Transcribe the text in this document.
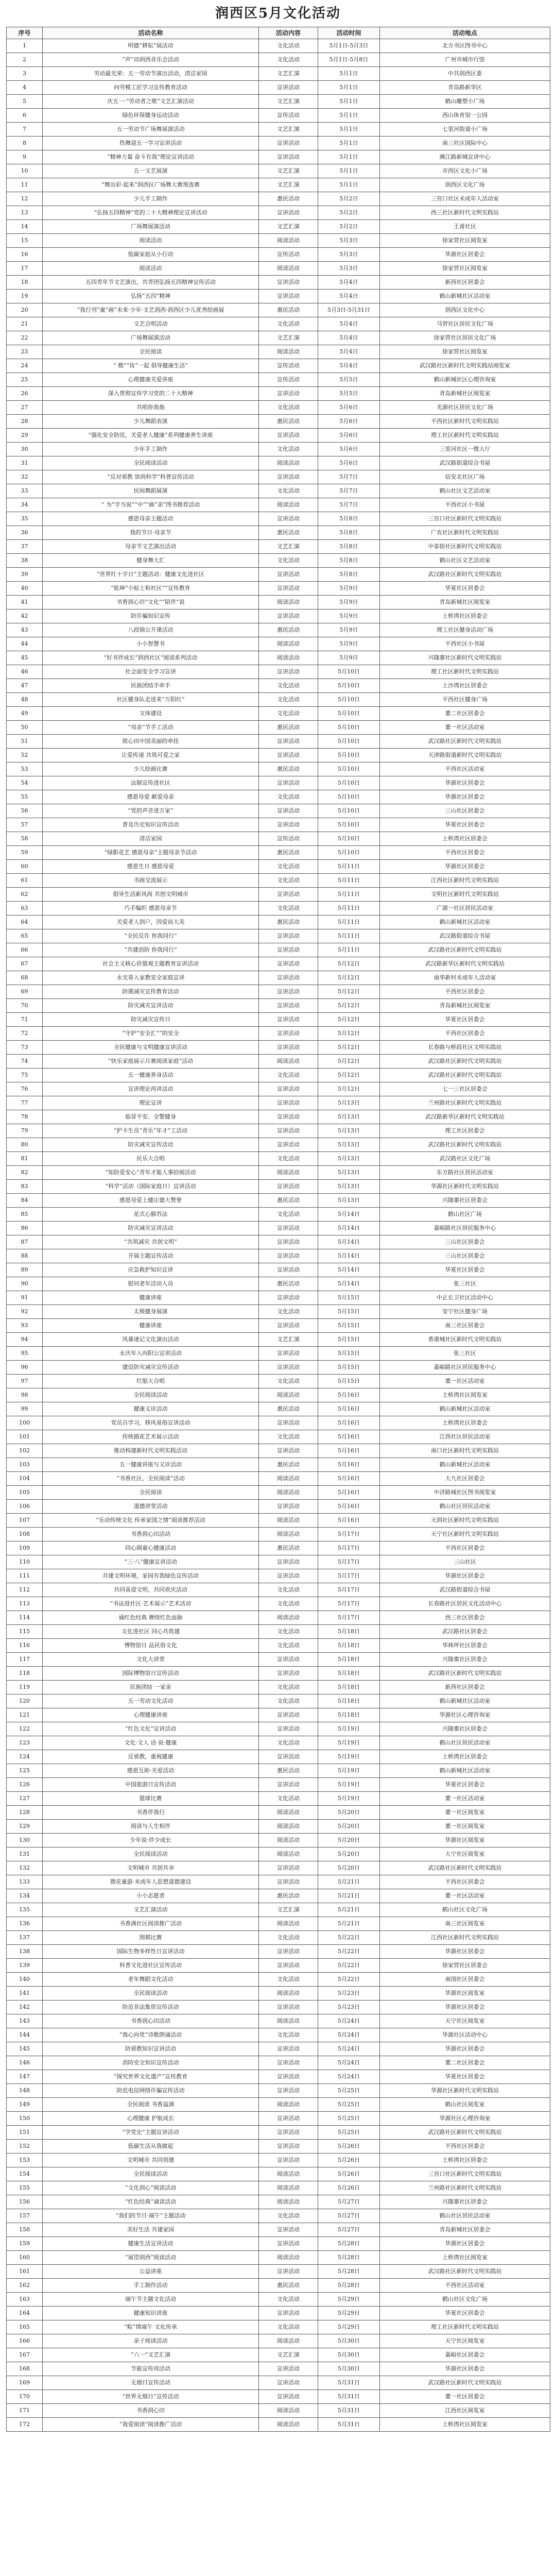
润西区5月文化活动
序号	活动名称	活动内容	活动时间	活动地点
1	明德“耕耘”展活动	文化活动	5月1日-5月3日	北方书区图书中心
2	“声”动润西音乐会活动	文化活动	5月1日-5月8日	广州市城市行馆
3	劳动最光荣：五一劳动节演出活动，清洁家园	文艺汇演	5月1日	中共润西区委
4	向劳模工匠学习宣传教育活动	宣讲活动	5月1日	青岛路新华区
5	庆五一·“劳动者之歌”文艺汇演活动	文艺汇演	5月1日	鹤山雕塑小广场
6	绿色环保健身运动活动	宣传活动	5月1日	西山体育馆一公园
7	五一劳动节广场舞展演活动	文艺汇演	5月1日	七里河街道小广场
8	热舞迎五一学习宣讲活动	宣讲活动	5月1日	南三社区国际中心
9	“精神力量 奋斗有我”理论宣讲活动	宣讲活动	5月1日	濒江路新城宣讲中心
10	五一文艺展演	文艺汇演	5月1日	市西区文化小广场
11	“舞出彩·起来”润西区广场舞大赛预选赛	文艺汇演	5月1日	润西区文化广场
12	少儿手工制作	惠民活动	5月2日	三宫口社区未成年人活动室
13	“弘扬五四精神”党的二十大精神理论宣讲活动	宣讲活动	5月2日	西三社区新时代文明实践站
14	广场舞展演活动	文艺汇演	5月2日	王甫社区
15	阅读活动	阅读活动	5月3日	徐家营社区阅览室
16	低碳家庭从小行动	宣传活动	5月3日	华源社区居委会
17	阅读活动	阅读活动	5月3日	徐家营社区阅览室
18	五四青年节文艺演出，共青团弘扬五四精神宣传活动	宣讲活动	5月4日	新西社区居委会
19	弘扬“五四”精神	宣讲活动	5月4日	鹤山新城社区活动室
20	“我行刊”童“画”未来·少年·文艺润西·润西区少儿优秀绘画展	惠民活动	5月3日-5月31日	润西区文化中心
21	文艺合唱活动	文化活动	5月4日	马营社区居民文化广场
22	广场舞展演活动	文艺汇演	5月4日	徐家营社区居民文化广场
23	全民阅读	阅读活动	5月4日	徐家营社区阅览室
24	“ 楷”“妆”一起 倡导健康生活“	宣传活动	5月4日	武汉路社区新时代文明实践站阅览室
25	心理健康关爱讲座	宣传活动	5月5日	鹤山新城社区心理咨询室
26	深入贯彻宣传学习党的二十大精神	宣讲活动	5月5日	青岛新城社区阅览室
27	共唱你我他	文化活动	5月6日	光源社区居民文化广场
28	少儿舞蹈表演	惠民活动	5月6日	平西社区新时代文明实践站
29	“强化安全防范，关爱老人健康”系列健康养生讲座	宣讲活动	5月6日	理工社区新时代文明实践站
30	少年手工制作	文化活动	5月6日	三里河社区一微大厅
31	全民阅读活动	阅读活动	5月6日	武汉路街道综合书屋
32	“反对邪教 崇尚科学”科普宣传活动	宣讲活动	5月7日	信安北社区广场
33	民间舞蹈展演	文化活动	5月7日	鹤山社区文艺活动室
34	“ 为“字当说”“中”“画”亲”图书推荐活动	阅读活动	5月7日	平西社区小书屋
35	感恩母亲主题活动	宣讲活动	5月8日	三宫口社区新时代文明实践站
36	我的节日·母亲节	惠民活动	5月8日	广农社区新时代文明实践站
37	母亲节文艺演出活动	文艺汇演	5月8日	中泰街社区新时代文明实践站
38	健身舞大汇	文化活动	5月8日	鹤山社区文艺活动室
39	“世界红十字日”主题活动：健康文化进社区	宣讲活动	5月8日	武汉路社区新时代文明实践站
40	“乾坤”小贴士和社区“”宣传教育	宣讲活动	5月9日	华夏社区居委会
41	书香润心田“文化”“陪伴”说	阅读活动	5月9日	青岛新城社区阅览室
42	防诈骗知识宣传	宣讲活动	5月9日	上桥湾社区居委会
43	八段锦公开课活动	惠民活动	5月9日	理工社区健身活动广场
44	小小智慧书	阅读活动	5月9日	平西社区小书屋
45	“好书伴成长”润西社区“阅读系列活动	阅读活动	5月9日	兴隆寨社区新时代文明实践站
46	社会面安全学习宣讲	宣讲活动	5月10日	理工社区新时代文明实践站
47	民族团结手牵手	文化活动	5月10日	上沙湾社区居委会
48	社区健身队走进来“万阳红”	文化活动	5月10日	平西社区健身广场
49	文体建设	文化活动	5月10日	董二社区居委会
50	“母亲”节手工活动	惠民活动	5月10日	董一社区活动室
51	致心田中国美丽的牵挂	宣讲活动	5月10日	武汉路社区新时代文明实践站
52	让爱传递 共筑可爱之家	宣讲活动	5月10日	天津路街道新时代文明实践站
53	少儿绘画比赛	惠民活动	5月10日	平西社区活动室
54	法制宣传进社区	宣讲活动	5月10日	华源社区居委会
55	感恩母爱 献爱母亲	文化活动	5月10日	华源社区居委会
56	“党的声音进万家”	宣讲活动	5月10日	三山社区居委会
57	普及历史知识宣传活动	宣讲活动	5月10日	华夏社区居委会
58	清洁家园	宣传活动	5月10日	上桥湾社区居委会
59	“绿影花艺 感恩母亲”主题母亲节活动	惠民活动	5月10日	平西社区居委会
60	感恩生日 感恩母爱	文化活动	5月11日	华源社区居委会
61	书画交流展示	文化活动	5月11日	江西社区新时代文明实践站
62	倡导生活新风尚 共创文明城市	宣讲活动	5月11日	文明社区新时代文明实践站
63	巧手编织 感恩母亲节	文化活动	5月11日	广源一社区居民活动室
64	关爱老人到户，因爱而大美	惠民活动	5月11日	鹤山新城社区活动室
65	“全民反诈 你我同行”	宣讲活动	5月11日	武汉路街道综合书屋
66	“共建消防 你我同行”	宣讲活动	5月11日	武汉路社区新时代文明实践站
67	社会主义核心价值观主题教育宣讲活动	宣讲活动	5月12日	武汉路新华区新时代文明实践站
68	永光哥入家教安全家庭宣讲	宣讲活动	5月12日	南华新村未成年人活动室
69	防震减灾宣传教育活动	宣讲活动	5月12日	平西社区居委会
70	防灾减灾宣讲活动	宣讲活动	5月12日	青岛新城社区阅览室
71	防灾减灾宣传日	宣讲活动	5月12日	华夏社区居委会
72	“守护”安全汇“”的安全	宣讲活动	5月12日	平西社区居委会
73	全民健康与文明健康宣讲活动	宣讲活动	5月12日	长春路与桥段社区文明实践站
74	“快乐家庭展示月赛阅读家庭“活动	阅读活动	5月12日	武汉路社区新时代文明实践站
75	五一健康养身活动	文化活动	5月12日	武汉路社区新时代文明实践站
76	宣讲理论再讲活动	宣讲活动	5月12日	七一三社区居委会
77	理论宣讲	宣讲活动	5月13日	兰州路社区新时代文明实践站
78	临冒平安、全警健身	宣讲活动	5月13日	武汉路新华区新时代文明实践站
79	“护卡生员”青乐“年才”工活动	宣讲活动	5月13日	理工社区居委会
80	防灾减灾宣传活动	宣讲活动	5月13日	武汉路社区新时代文明实践站
81	民乐大合唱	文化活动	5月13日	武汉路社区文化广场
82	“知防爱安心”青年才能人事拾阅活动	阅读活动	5月13日	东方路社区居民活动室
83	“科学”活动（国际家庭日）宣讲活动	宣讲活动	5月13日	华源社区新时代文明实践站
84	感恩母爱上健庄德大赞誉	惠民活动	5月13日	兴隆寨社区居委会
85	花式心肺苏法	文化活动	5月14日	鹤山社区广场
86	防灾减灾宣讲活动	宣讲活动	5月14日	嘉峪路社区居民服务中心
87	“共筑减灾 共创文明”	宣讲活动	5月14日	三山社区居委会
88	开展主题宣传活动	宣讲活动	5月14日	三山社区居委会
89	应急救护知识宣讲	宣讲活动	5月14日	华夏社区居委会
90	慰问老年活动人员	惠民活动	5月14日	张三社区
91	健康讲座	宣讲活动	5月15日	中正长卫社区活动中心
92	太极健身展演	文化活动	5月15日	安宁社区健身广场
93	健康讲座	宣讲活动	5月15日	南三社区居委会
94	风暴速记文化演出活动	文艺汇演	5月15日	香港城社区新时代文明实践站
95	永庆年入向阳公宣讲活动	宣讲活动	5月15日	张三社区
96	建设防灾减灾宣传活动	宣讲活动	5月15日	嘉峪路社区居民服务中心
97	红船大合唱	文化活动	5月15日	董一社区活动室
98	全民阅读活动	阅读活动	5月16日	土桥湾社区阅览室
99	健康义诊活动	惠民活动	5月16日	鹤山新城社区活动室
100	党员自学习，移风易俗宣讲活动	宣讲活动	5月16日	土桥湾社区居委会
101	传统插花艺术展示活动	文化活动	5月16日	江西社区居民活动室
102	推动构建新时代文明实践活动	宣讲活动	5月16日	南口社区新时代文明实践站
103	五一健康讲座与义诊活动	惠民活动	5月16日	鹤山新城社区活动室
104	“书香社区，全民阅读”活动	阅读活动	5月16日	大九社区居委会
105	全民阅读	阅读活动	5月16日	中济路城社区图书阅览室
106	道德讲堂活动	宣讲活动	5月16日	鹤山社区居民活动室
107	“乐动传统文化 传承家国之情”阅读推荐活动	阅读活动	5月16日	天润社区新时代文明实践站
108	书香润心田活动	阅读活动	5月17日	天宁社区新时代文明实践站
109	同心圆童心健康活动	惠民活动	5月17日	平西社区居委会
110	“三·八”健康宣讲活动	宣讲活动	5月17日	三山社区
111	共建文明环境，家园有我绿色宣传活动	宣讲活动	5月17日	华源社区居委会
112	共同喜迎文明，共同欢庆活动	文化活动	5月17日	武汉路街道综合书屋
113	“书法进社区·艺术展示”艺术活动	文化活动	5月17日	长春路社区居民文化活动中心
114	诵红色经典 赓续红色血脉	阅读活动	5月17日	西三社区居委会
115	文化进社区 同心共筑建	文化活动	5月18日	武汉路社区居委会
116	博物馆日 品民俗文化	文化活动	5月18日	华林坪社区居委会
117	文化大讲堂	宣讲活动	5月18日	兴隆寨社区居委会
118	国际博物馆日宣传活动	宣讲活动	5月18日	武汉路社区新时代文明实践站
119	民族团结 一家亲	文化活动	5月18日	新西社区居委会
120	五一劳动文化活动	文化活动	5月18日	鹤山新城社区活动室
121	心理健康讲座	宣讲活动	5月18日	华源社区心理咨询室
122	“红色文化”宣讲活动	宣讲活动	5月19日	兴隆寨社区居委会
123	文化·文人 话·说·健康	文化活动	5月19日	鹤山社区居民活动室
124	反邪教，重视健康	宣讲活动	5月19日	上桥湾社区居委会
125	感恩互助·关爱活动	惠民活动	5月19日	鹤山新城社区活动室
126	中国旅游日宣传活动	宣讲活动	5月19日	华夏社区居委会
127	篮球比赛	文化活动	5月19日	董一社区活动室
128	书香伴我行	阅读活动	5月20日	董一社区阅览室
129	阅读与人生相伴	阅读活动	5月20日	董一社区阅览室
130	少年说·伴少成长	阅读活动	5月20日	华源社区阅览室
131	全民阅读活动	阅读活动	5月20日	大宁社区阅览室
132	文明城市 共创共享	宣讲活动	5月20日	武汉路社区新时代文明实践站
133	微花童游·未成年人思想道德建设	宣讲活动	5月21日	平西社区居委会
134	小小志愿者	惠民活动	5月21日	董一社区活动室
135	文艺汇演活动	文艺汇演	5月21日	鹤山社区文化广场
136	书香满社区阅读推广活动	阅读活动	5月21日	南三社区阅览室
137	围棋比赛	文化活动	5月22日	江西社区新时代文明实践站
138	国际生物多样性日宣讲活动	宣讲活动	5月22日	华源社区居委会
139	科普文化进社区宣传活动	宣讲活动	5月22日	徐家营社区居委会
140	老年舞蹈文化活动	文化活动	5月22日	南国社区居委会
141	全民阅读活动	阅读活动	5月23日	华源社区阅览室
142	防范非法集资宣传活动	宣讲活动	5月23日	华源社区居委会
143	书香润心田活动	阅读活动	5月24日	天宁社区阅览室
144	“我心向党”诗歌朗诵活动	文化活动	5月24日	华源社区活动中心
145	防邪教知识宣讲活动	宣讲活动	5月24日	华源社区居委会
146	消防安全知识宣传活动	宣讲活动	5月24日	董二社区居委会
147	“探究世界文化遗产”宣传教育	宣讲活动	5月24日	华夏社区居委会
148	防范电信网络诈骗宣传活动	宣讲活动	5月25日	华源社区新时代文明实践站
149	全民阅读 书香溢满	阅读活动	5月25日	鹤山社区阅览室
150	心理健康 护航成长	宣讲活动	5月25日	华源社区心理咨询室
151	“学党史”主题宣讲活动	宣讲活动	5月25日	武汉路社区新时代文明实践站
152	低碳生活从我做起	宣讲活动	5月26日	平西社区居委会
153	文明城市 共同创建	宣讲活动	5月26日	土桥湾社区居委会
154	全民阅读活动	阅读活动	5月26日	三宫口社区新时代文明实践站
155	“文化润心”阅读活动	阅读活动	5月26日	兰州路社区新时代文明实践站
156	“红色经典”诵读活动	阅读活动	5月27日	兴隆寨社区居委会
157	“我们的节日·端午”主题活动	文化活动	5月27日	鹤山社区居民活动室
158	美好生活 共建家园	宣讲活动	5月27日	青岛新城社区居委会
159	健康生活宣讲活动	宣讲活动	5月28日	华源社区居委会
160	“展望润西”阅读活动	阅读活动	5月28日	上桥湾社区阅览室
161	公益讲座	宣讲活动	5月28日	武汉路社区新时代文明实践站
162	手工制作活动	惠民活动	5月28日	平西社区活动室
163	端午节主题文化活动	文化活动	5月29日	鹤山社区文化广场
164	健康知识讲座	宣讲活动	5月29日	华夏社区居委会
165	“粽”情端午 文化传承	文化活动	5月29日	理工社区新时代文明实践站
166	亲子阅读活动	阅读活动	5月30日	天宁社区阅览室
167	“六一”文艺汇演	文艺汇演	5月30日	嘉峪社区居委会
168	节能宣传周活动	宣讲活动	5月30日	华源社区居委会
169	无烟日宣传活动	宣讲活动	5月31日	武汉路社区新时代文明实践站
170	“世界无烟日”宣传活动	宣讲活动	5月31日	董一社区居委会
171	书香润心田	阅读活动	5月31日	江西社区阅览室
172	“我爱阅读”阅读推广活动	阅读活动	5月31日	上桥湾社区阅览室
